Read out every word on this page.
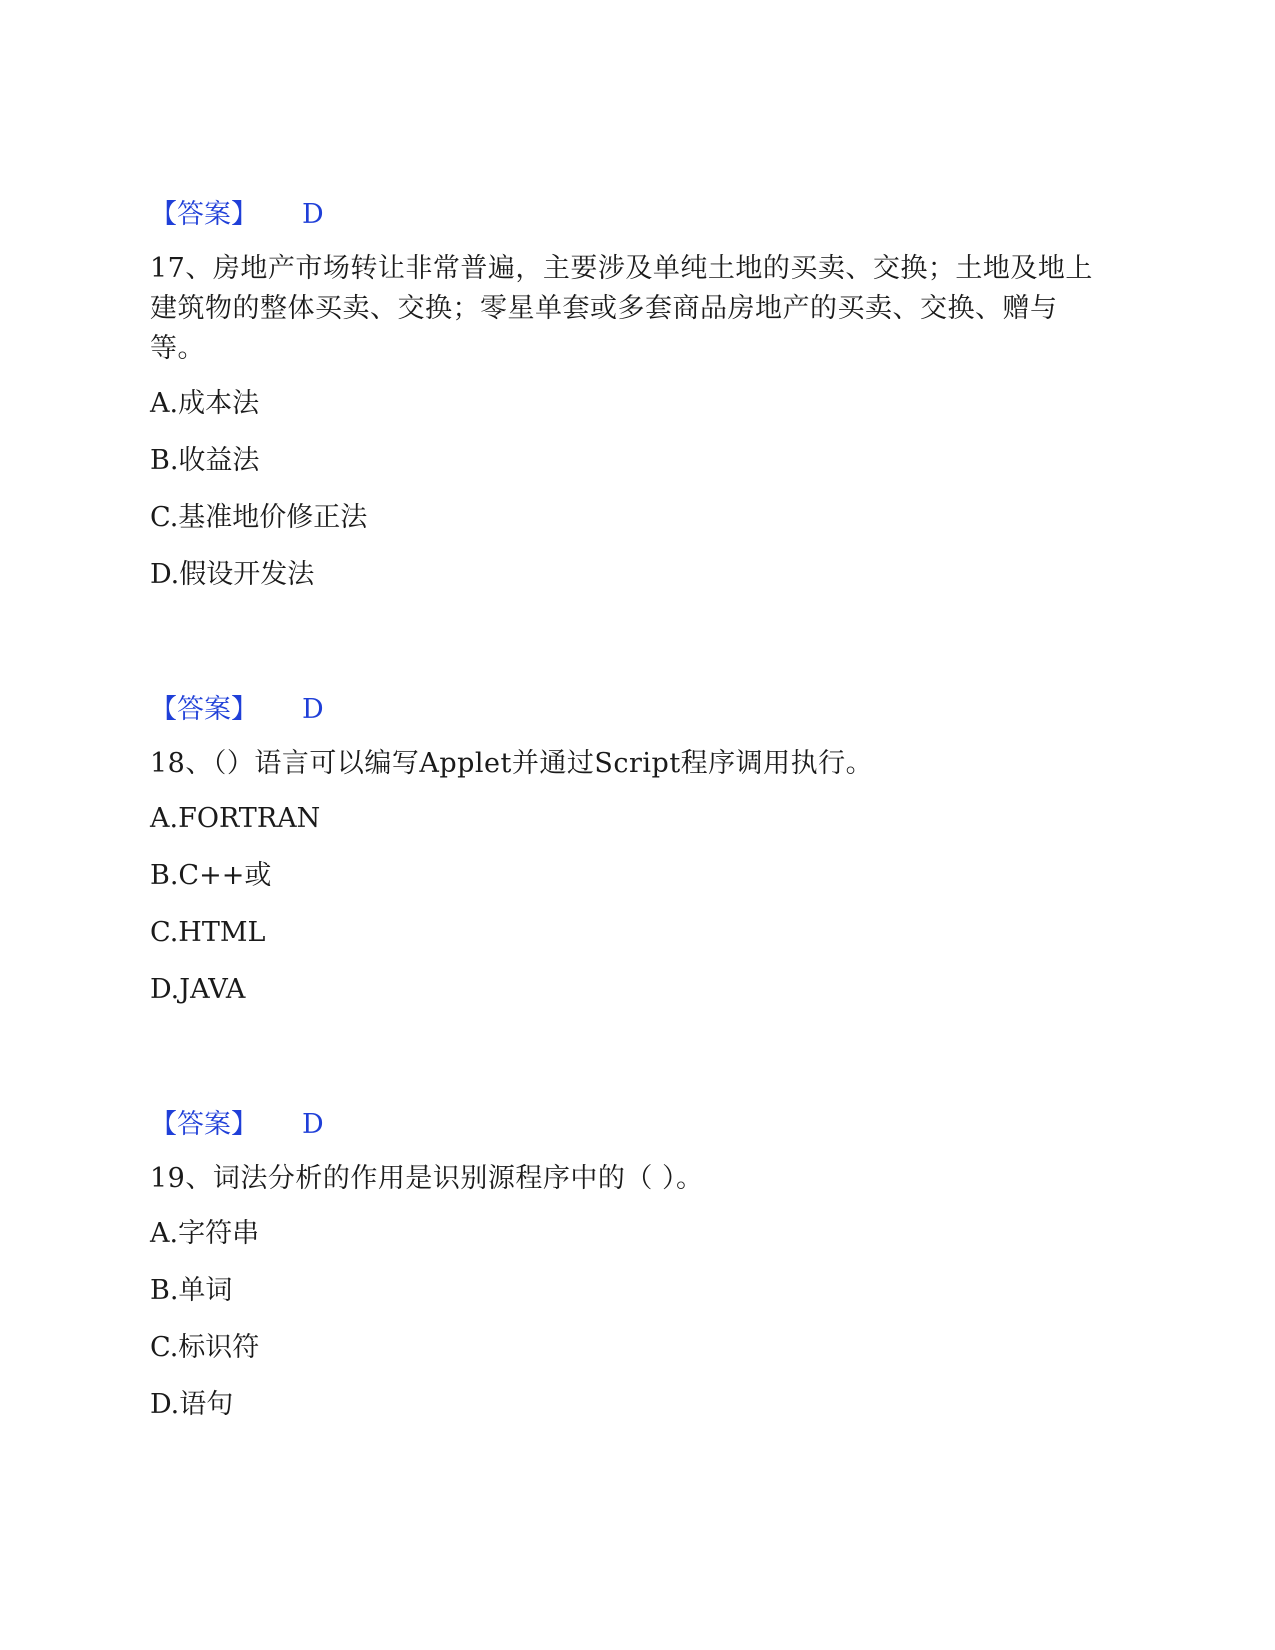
【答案】 D
17、房地产市场转让非常普遍，主要涉及单纯土地的买卖、交换；土地及地上建筑物的整体买卖、交换；零星单套或多套商品房地产的买卖、交换、赠与等。
A.成本法
B.收益法
C.基准地价修正法
D.假设开发法
【答案】 D
18、（）语言可以编写Applet并通过Script程序调用执行。
A.FORTRAN
B.C++或
C.HTML
D.JAVA
【答案】 D
19、词法分析的作用是识别源程序中的（ ）。
A.字符串
B.单词
C.标识符
D.语句
